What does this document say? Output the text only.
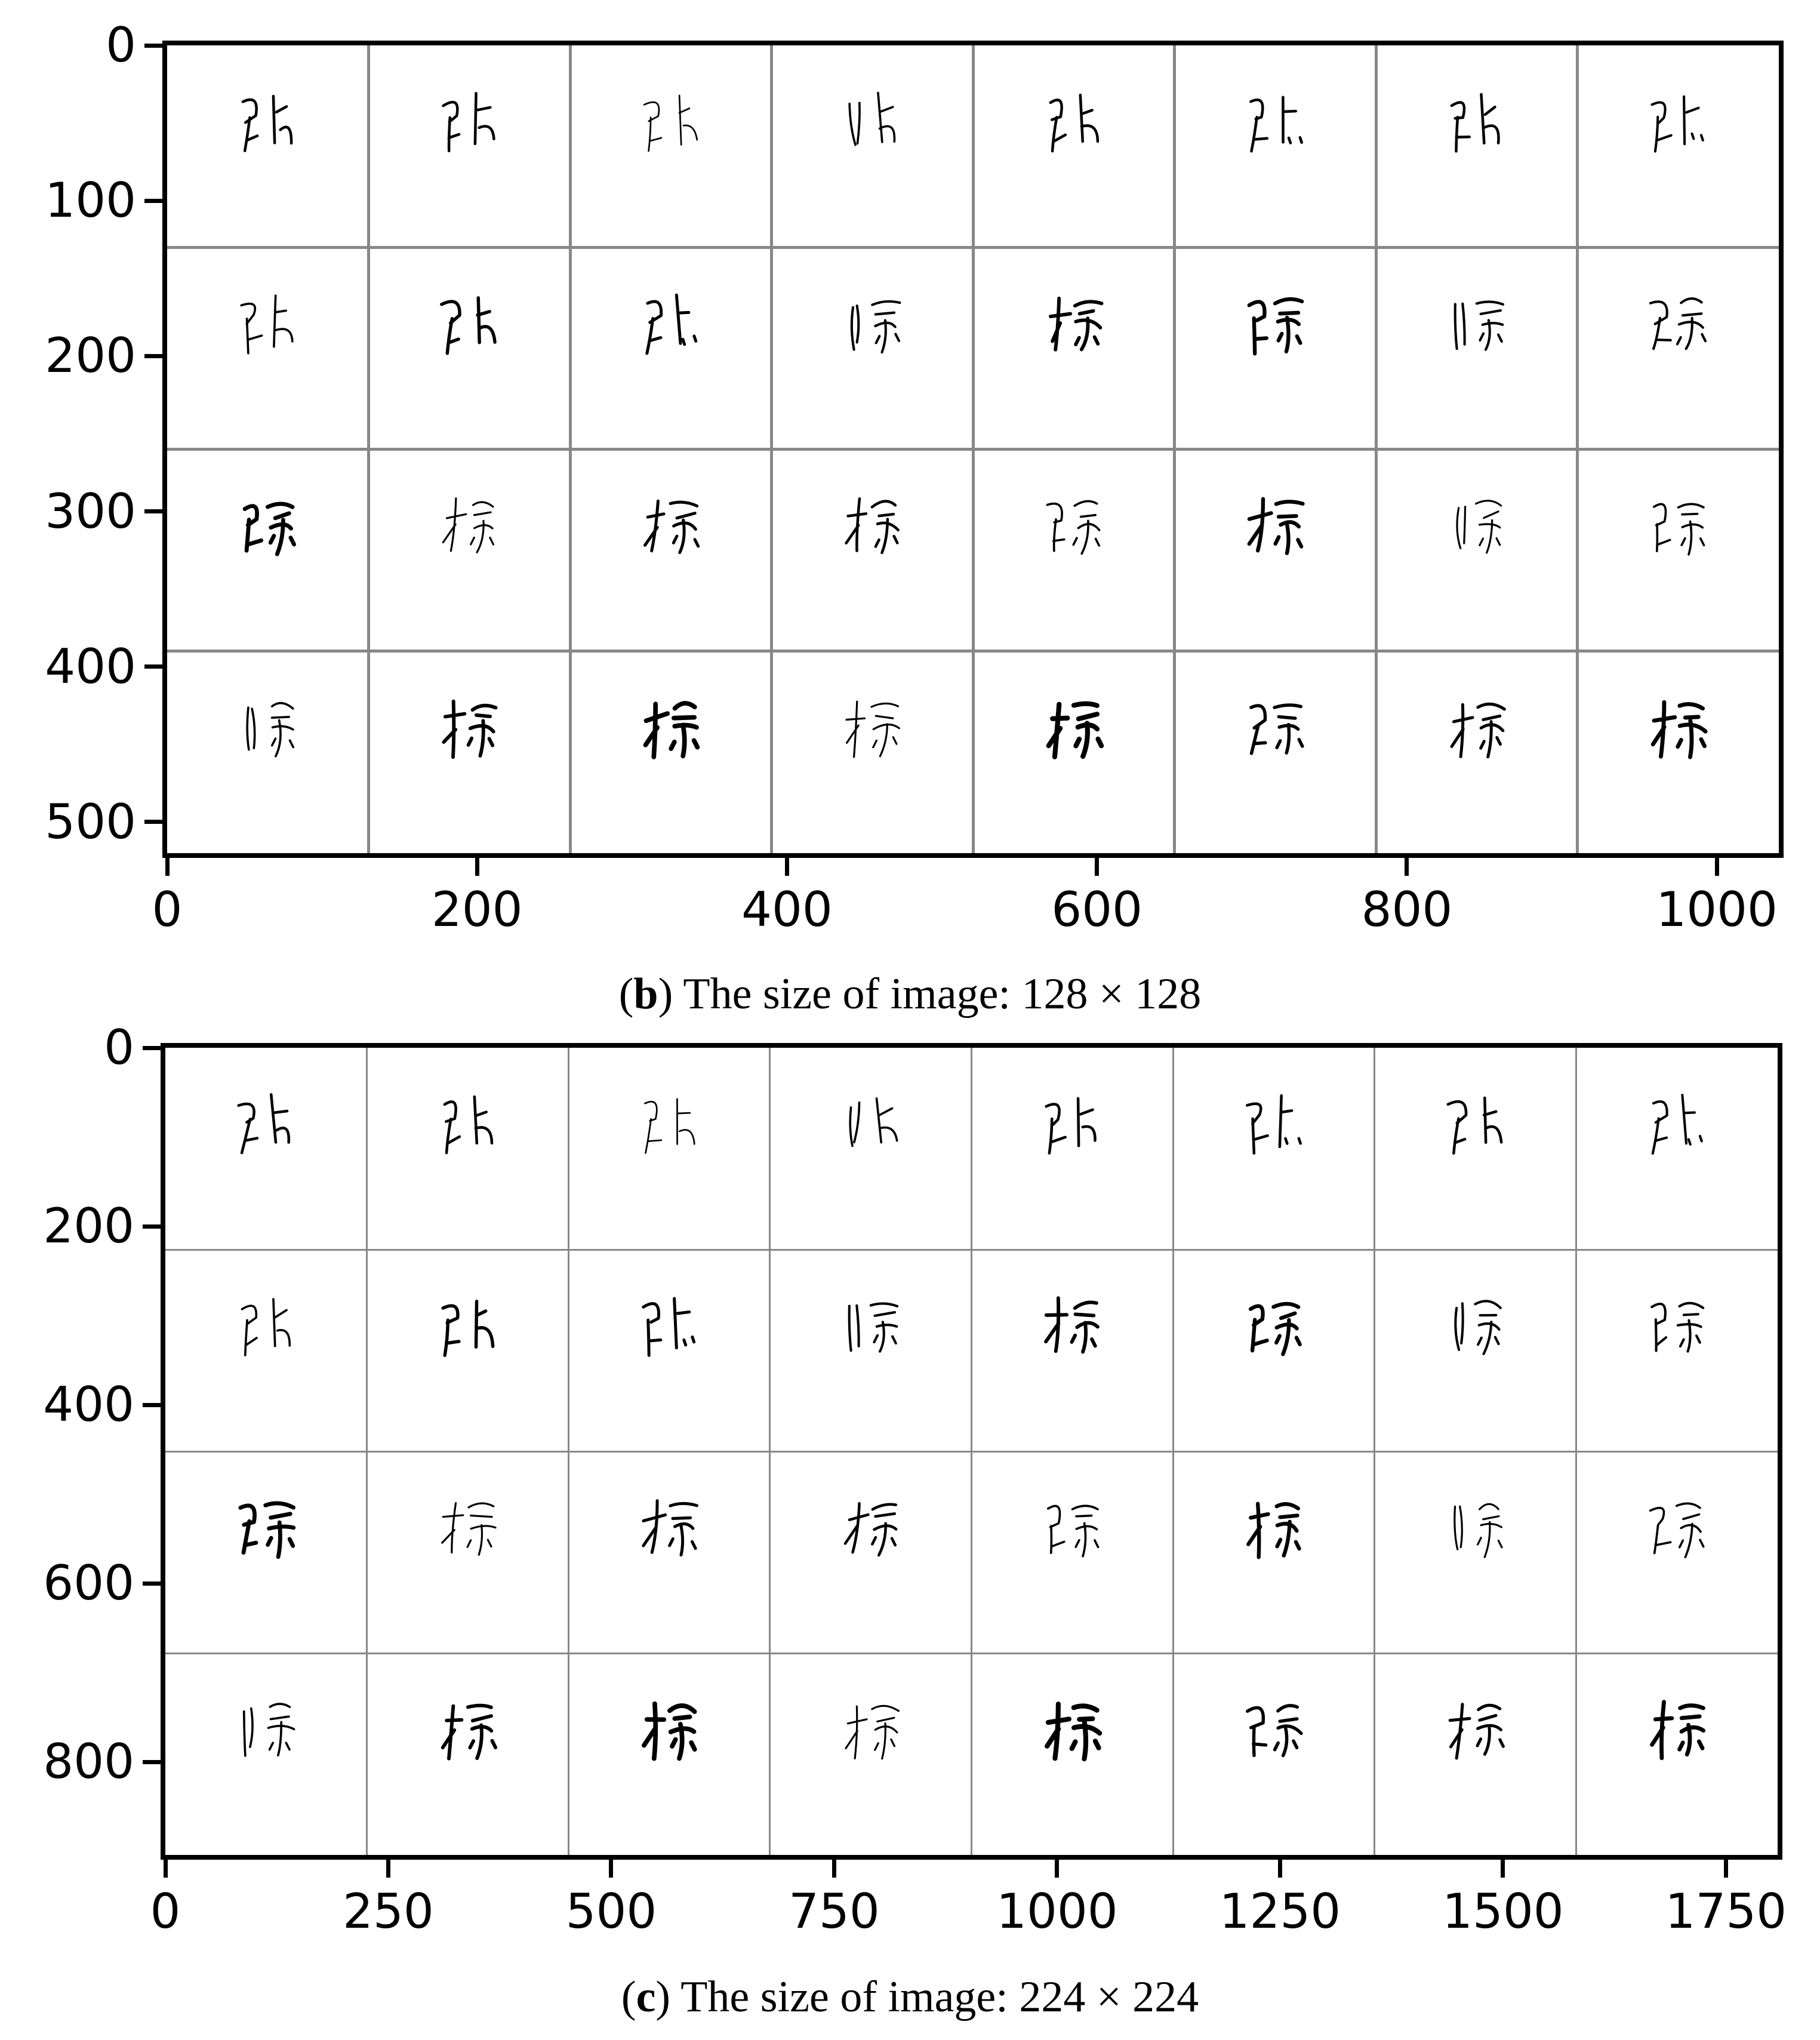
0
100
200
300
400
500
0	200	400	600	800	1000
(b) The size of image: 128 × 128
0
200
400
600
800
0	250	500	750 1000 1250 1500 1750
(c) The size of image: 224 × 224
